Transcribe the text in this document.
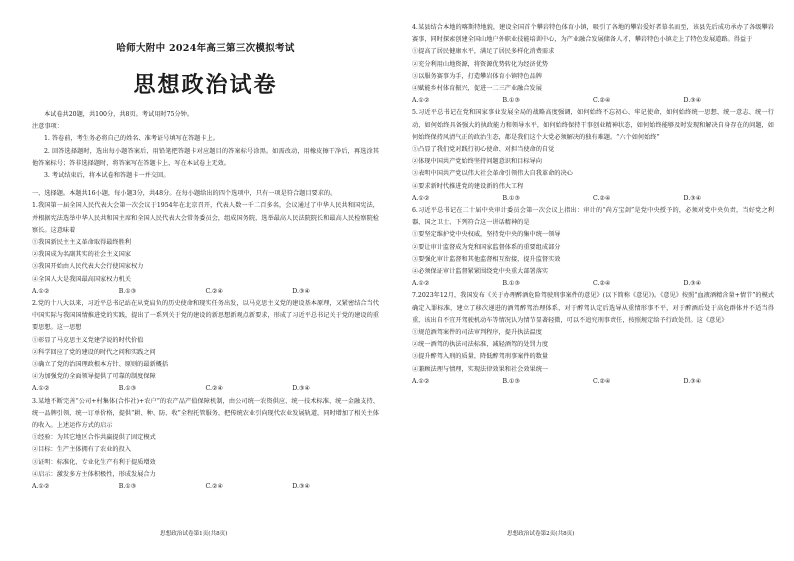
哈师大附中 2024年高三第三次模拟考试
思想政治试卷
本试卷共20题，共100分，共8页。考试用时75分钟。
注意事项：
1. 答卷前，考生务必将自己的姓名、准考证号填写在答题卡上。
2. 回答选择题时，选出每小题答案后，用铅笔把答题卡对应题目的答案标号涂黑。如需改动，用橡皮擦干净后，再选涂其他答案标号；答非选择题时，将答案写在答题卡上，写在本试卷上无效。
3. 考试结束后，将本试卷和答题卡一并交回。
一、选择题。本题共16小题，每小题3分，共48分。在每小题给出的四个选项中，只有一项是符合题目要求的。
1.我国第一届全国人民代表大会第一次会议于1954年在北京召开，代表人数一千二百多名，会议通过了中华人民共和国宪法，并根据宪法选举中华人民共和国主席和全国人民代表大会常务委员会，组成国务院，选举最高人民法院院长和最高人民检察院检察长。这意味着
①我国新民主主义革命取得最终胜利
②我国成为名副其实的社会主义国家
③我国开始由人民代表大会行使国家权力
④全国人大是我国最高国家权力机关
A.①②	B.①③	C.②④	D.③④
2.党的十八大以来，习近平总书记站在从党肩负的历史使命和现实任务出发，以马克思主义党的建设基本原理，又紧密结合当代中国实际与我国国情推进党的实践，提出了一系列关于党的建设的新思想新观点新要求，形成了习近平总书记关于党的建设的重要思想。这一思想
①彰显了马克思主义党建学说的时代价值
②科学回应了党的建设的时代之问和实践之问
③确立了党的治国理政根本方针、原则的最新概括
④为加强党的全面领导提供了可靠的制度保障
A.①②	B.①③	C.②④	D.③④
3.某地不断完善“公司+村集体(合作社)+农户”的农产品产值保障机制，由公司统一农资供应、统一技术标准、统一金融支持、统一品牌引领，统一订单价格，提供“耕、种、防、收”全程托管服务，把传统农业引向现代农业发展轨道，同时增加了相关主体的收入。上述运作方式的启示
①经验：为其它地区合作共赢提供了固定模式
②目标：生产主体拥有了农业的投入
③证明：标准化、专业化生产有利于提质增效
④启示：激发多方主体积极性，形成发展合力
A.①②	B.①③	C.②④	D.③④
思想政治试卷第1页(共8页)
4.某县结合本地的喀斯特地貌，建设全国首个攀岩特色体育小镇，吸引了各地的攀岩爱好者慕名而至，该县先后成功承办了各级攀岩赛事，同时探索创建全国山地户外职业技能培训中心，为产业融合发展储备人才，攀岩特色小镇走上了特色发展道路。得益于
①提高了居民健康水平，满足了居民多样化消费需求
②充分利用山地资源，将资源优势转化为经济优势
③以服务赛事为手，打造攀岩体育小镇特色品牌
④赋能乡村体育振兴，促进一二三产业融合发展
A.①②	B.①③	C.②④	D.③④
5.习近平总书记在党和国家事业发展全局的战略高度强调，如何始终不忘初心、牢记使命，如何始终统一思想、统一意志、统一行动，如何始终具备强大的执政能力和领导水平，如何始终保持干事创业精神状态，如何始终能够及时发现和解决自身存在的问题，如何始终保持风清气正的政治生态，都是我们这个大党必须解决的独有难题。“六个如何始终”
①凸显了我们党对践行初心使命、对担当使命的自觉
②体现中国共产党始终坚持问题意识和目标导向
③表明中国共产党以伟大社会革命引领伟大自我革命的决心
④要求新时代推进党的建设新的伟大工程
A.①②	B.①③	C.②④	D.③④
6.习近平总书记在二十届中央审计委员会第一次会议上指出：审计的“尚方宝剑”是党中央授予的，必须对党中央负责，当好党之利器、国之卫士、下列符合这一讲话精神的是
①要坚定维护党中央权威，坚持党中央的集中统一领导
②要让审计监督成为党和国家监督体系的重要组成部分
③要强化审计监督和其他监督相互衔接，提升监督实效
④必须保证审计监督紧紧围绕党中央重大部署落实
A.①②	B.①③	C.②④	D.③④
7.2023年12月，我国发布《关于办理醉酒危险驾驶刑事案件的意见》(以下简称《意见》)。《意见》按照“血液酒精含量+情节”的模式确定入罪标准，建立了移次递进的酒驾醉驾治理体系，对于醉驾认定后选导从重情形事不平，对于醉酒后处于高危群体并不适当得重，该出自不宜开驾驶机动车等情况认为情节显著轻微，可以不追究刑事责任，按照规定给予行政处罚。这《意见》
①规范酒驾案件的司法审判程序，提升执法温度
②统一酒驾的执法司法标准，减轻酒驾的处罚力度
③提升醉驾入刑的质量，降低醉驾刑事案件的数量
④兼顾法理与情理，实现法律效果和社会效果统一
A.①②	B.①③	C.②④	D.③④
思想政治试卷第2页(共8页)
